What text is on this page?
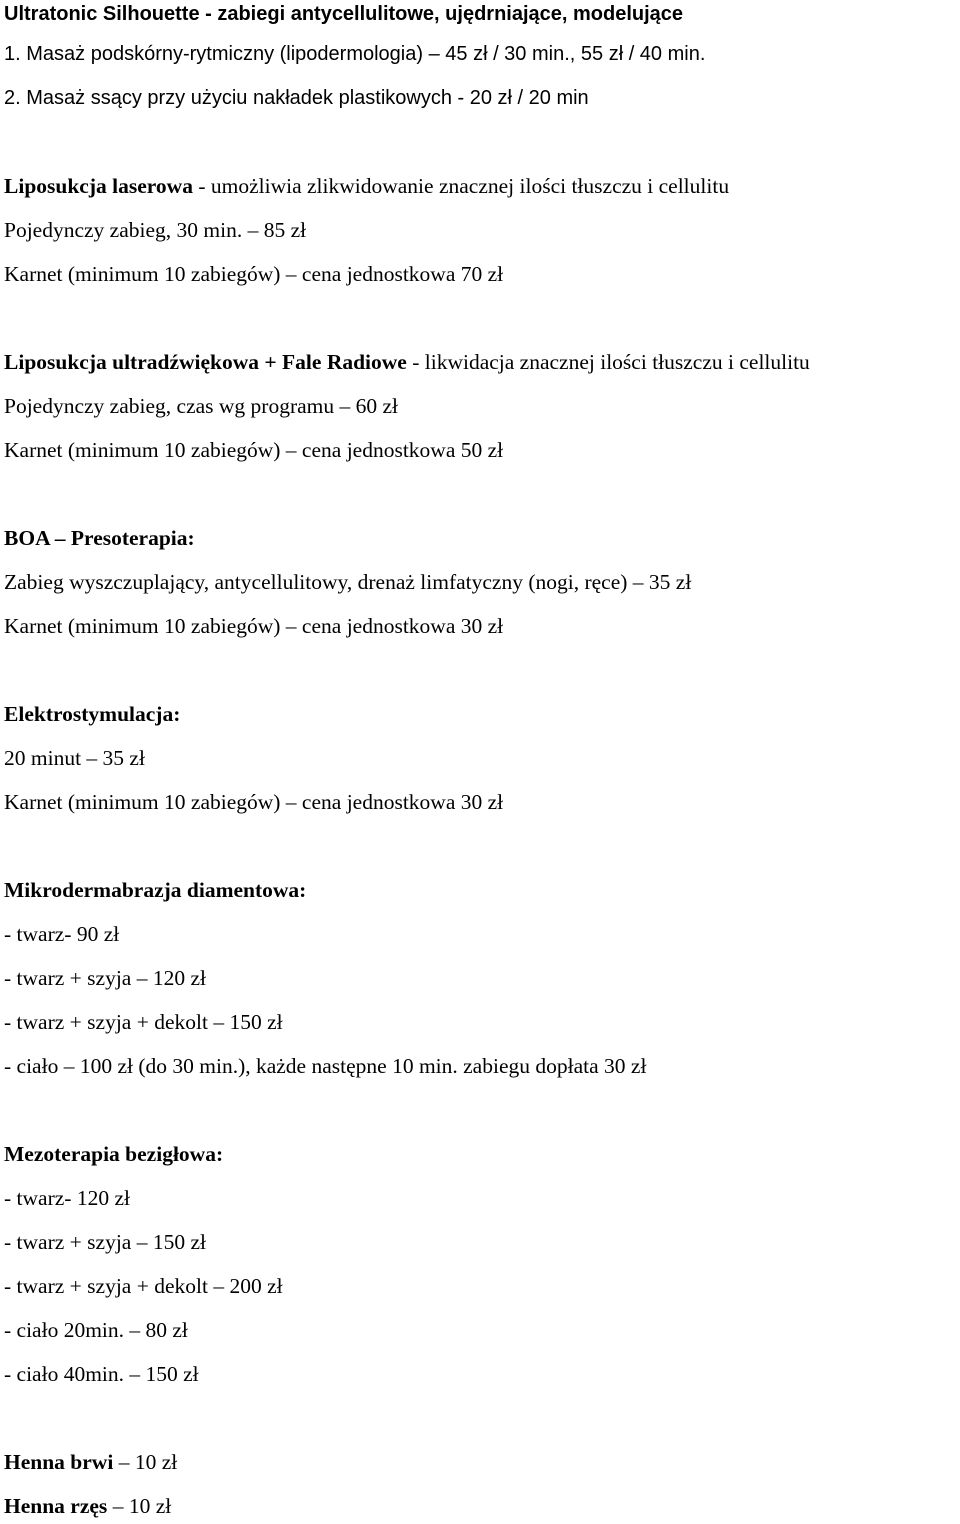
Ultratonic Silhouette - zabiegi antycellulitowe, ujędrniające, modelujące
1. Masaż podskórny-rytmiczny (lipodermologia) – 45 zł / 30 min., 55 zł / 40 min.
2. Masaż ssący przy użyciu nakładek plastikowych - 20 zł / 20 min
Liposukcja laserowa - umożliwia zlikwidowanie znacznej ilości tłuszczu i cellulitu
Pojedynczy zabieg, 30 min. – 85 zł
Karnet (minimum 10 zabiegów) – cena jednostkowa 70 zł
Liposukcja ultradźwiękowa + Fale Radiowe - likwidacja znacznej ilości tłuszczu i cellulitu
Pojedynczy zabieg, czas wg programu – 60 zł
Karnet (minimum 10 zabiegów) – cena jednostkowa 50 zł
BOA – Presoterapia:
Zabieg wyszczuplający, antycellulitowy, drenaż limfatyczny (nogi, ręce) – 35 zł
Karnet (minimum 10 zabiegów) – cena jednostkowa 30 zł
Elektrostymulacja:
20 minut – 35 zł
Karnet (minimum 10 zabiegów) – cena jednostkowa 30 zł
Mikrodermabrazja diamentowa:
- twarz- 90 zł
- twarz + szyja – 120 zł
- twarz + szyja + dekolt – 150 zł
- ciało – 100 zł (do 30 min.), każde następne 10 min. zabiegu dopłata 30 zł
Mezoterapia bezigłowa:
- twarz- 120 zł
- twarz + szyja – 150 zł
- twarz + szyja + dekolt – 200 zł
- ciało 20min. – 80 zł
- ciało 40min. – 150 zł
Henna brwi – 10 zł
Henna rzęs – 10 zł
